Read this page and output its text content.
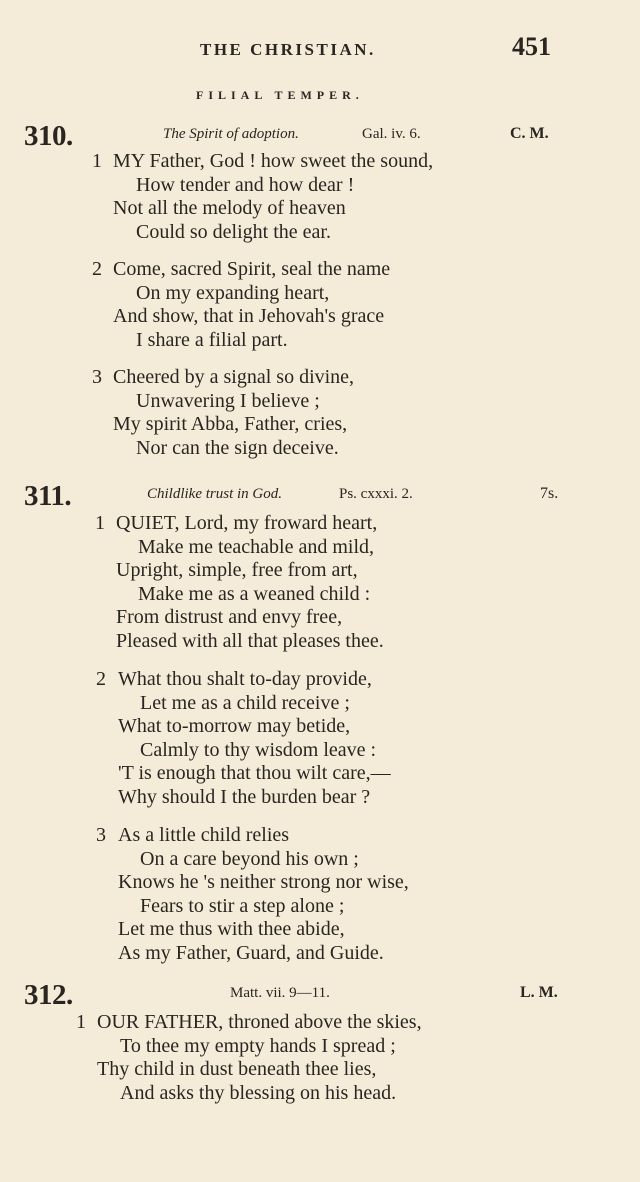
THE CHRISTIAN.	451
FILIAL TEMPER.
310.	The Spirit of adoption.	Gal. iv. 6.	C. M.
1 MY Father, God ! how sweet the sound,
How tender and how dear !
Not all the melody of heaven
Could so delight the ear.
2 Come, sacred Spirit, seal the name
On my expanding heart,
And show, that in Jehovah's grace
I share a filial part.
3 Cheered by a signal so divine,
Unwavering I believe ;
My spirit Abba, Father, cries,
Nor can the sign deceive.
311.	Childlike trust in God.	Ps. cxxxi. 2.	7s.
1 QUIET, Lord, my froward heart,
Make me teachable and mild,
Upright, simple, free from art,
Make me as a weaned child :
From distrust and envy free,
Pleased with all that pleases thee.
2 What thou shalt to-day provide,
Let me as a child receive ;
What to-morrow may betide,
Calmly to thy wisdom leave :
'T is enough that thou wilt care,—
Why should I the burden bear ?
3 As a little child relies
On a care beyond his own ;
Knows he 's neither strong nor wise,
Fears to stir a step alone ;
Let me thus with thee abide,
As my Father, Guard, and Guide.
312.	Matt. vii. 9—11.	L. M.
1 OUR FATHER, throned above the skies,
To thee my empty hands I spread ;
Thy child in dust beneath thee lies,
And asks thy blessing on his head.
